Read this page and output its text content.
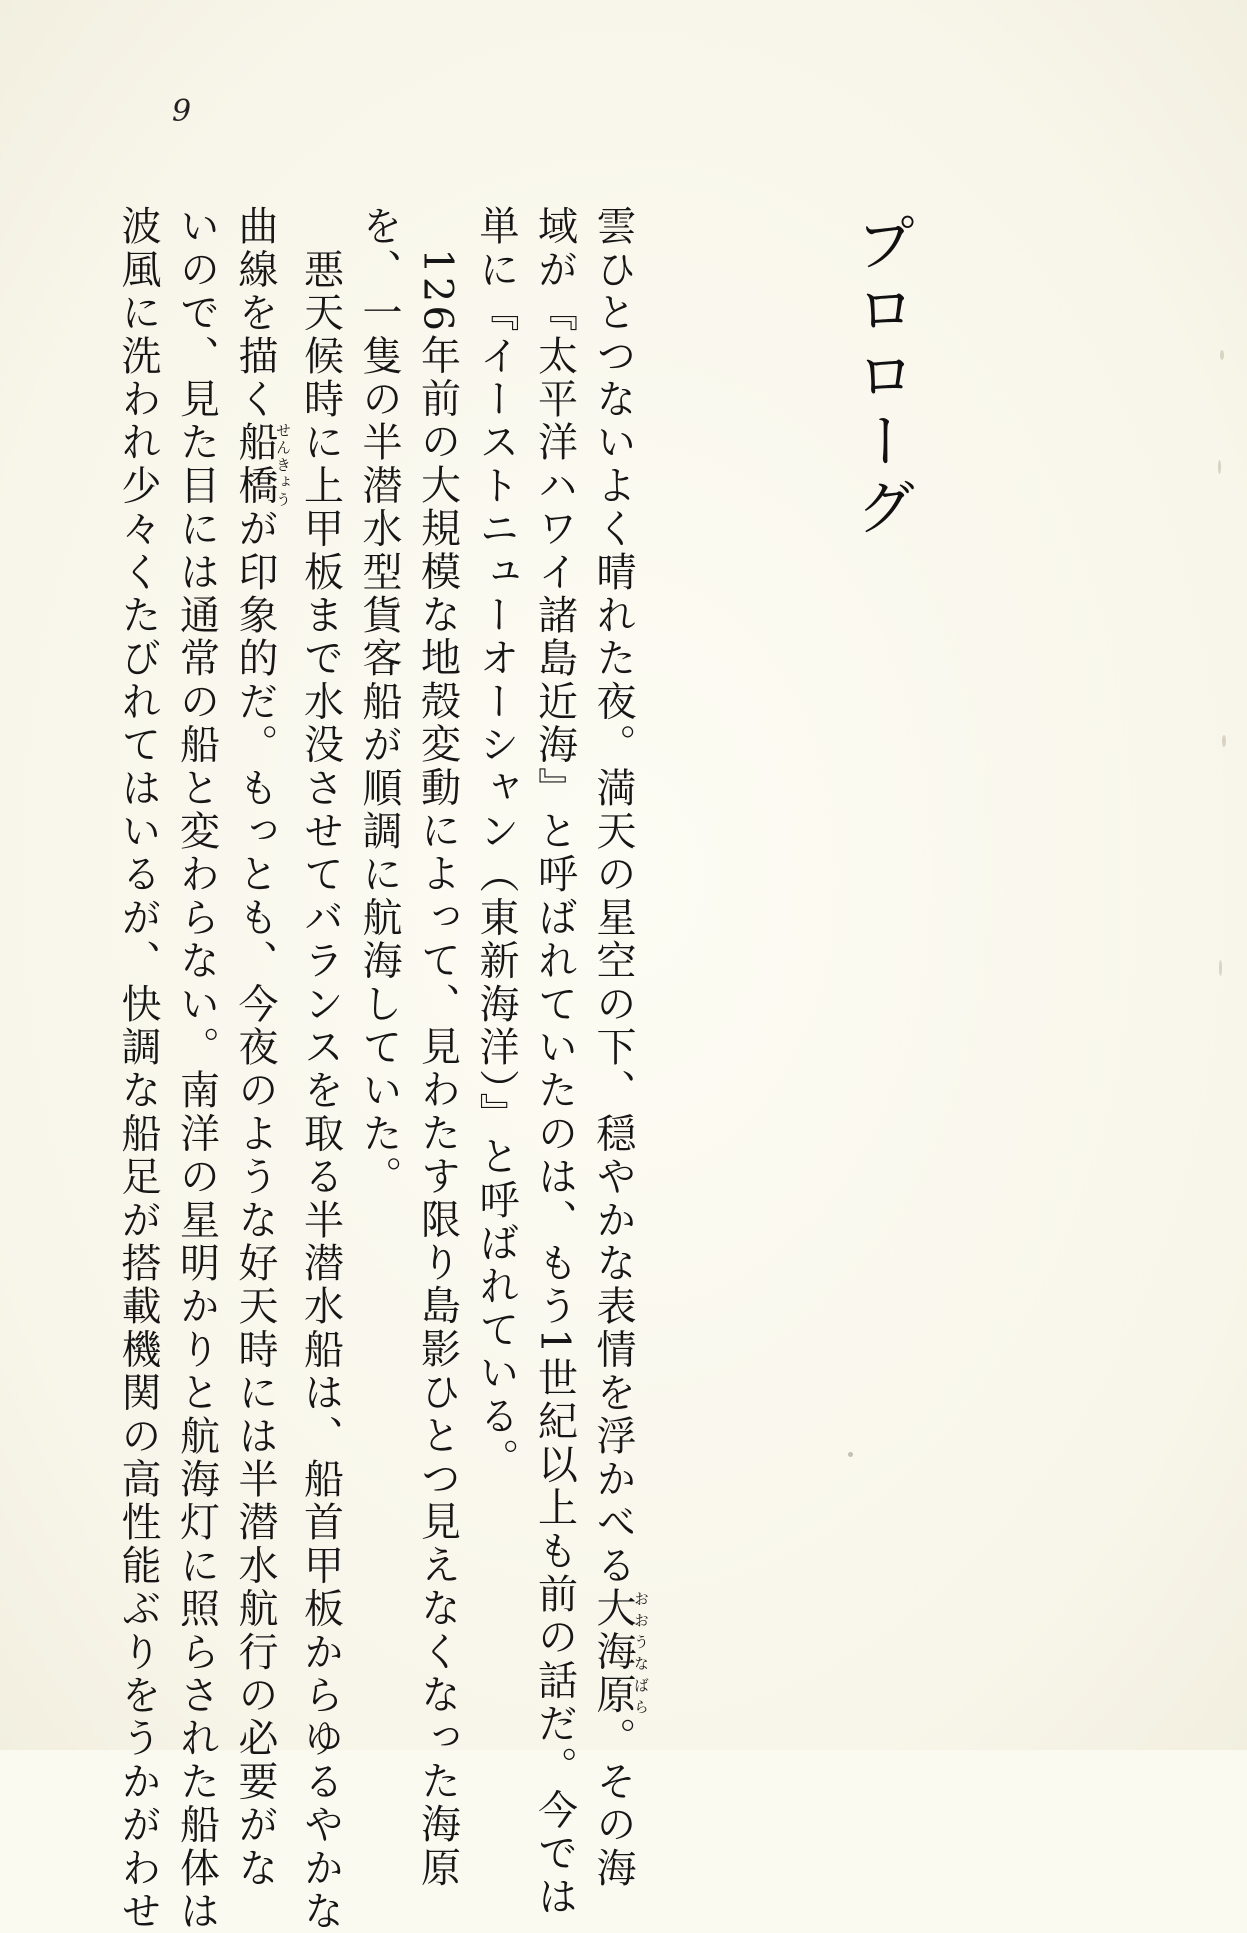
9
プロローグ
雲ひとつないよく晴れた夜。満天の星空の下、穏やかな表情を浮かべる大海原おおうなばら。その海
域が『太平洋ハワイ諸島近海』と呼ばれていたのは、もう1世紀以上も前の話だ。今では
単に『イーストニューオーシャン（東新海洋）』と呼ばれている。
　126年前の大規模な地殻変動によって、見わたす限り島影ひとつ見えなくなった海原
を、一隻の半潜水型貨客船が順調に航海していた。
　悪天候時に上甲板まで水没させてバランスを取る半潜水船は、船首甲板からゆるやかな
曲線を描く船橋せんきょうが印象的だ。もっとも、今夜のような好天時には半潜水航行の必要がな
いので、見た目には通常の船と変わらない。南洋の星明かりと航海灯に照らされた船体は
波風に洗われ少々くたびれてはいるが、快調な船足が搭載機関の高性能ぶりをうかがわせ
